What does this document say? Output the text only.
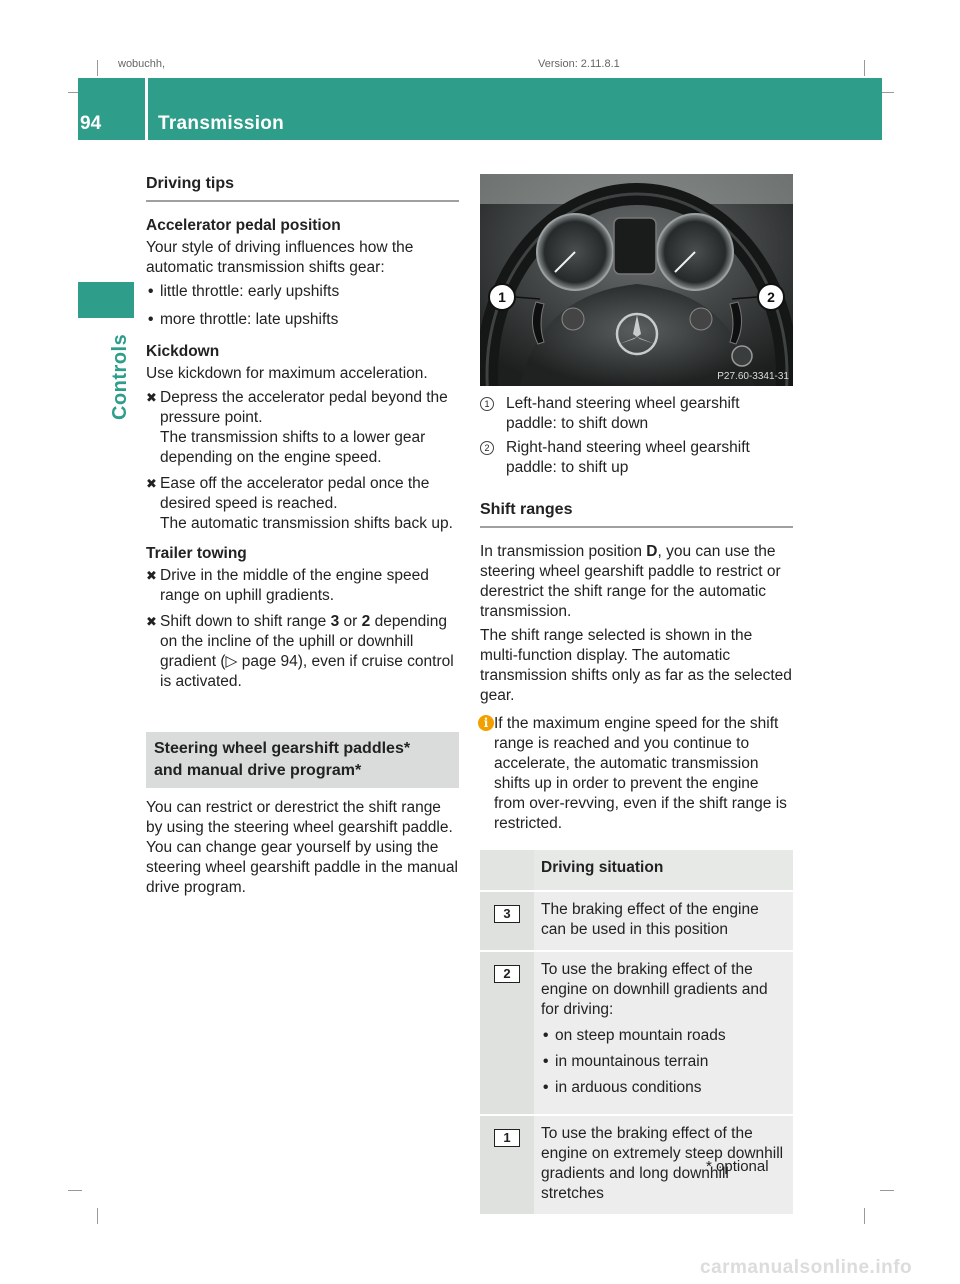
wobuchh,	Version: 2.11.8.1
94	Transmission
Controls
Driving tips
Accelerator pedal position

Your style of driving influences how the automatic transmission shifts gear:

• little throttle: early upshifts
• more throttle: late upshifts
Kickdown

Use kickdown for maximum acceleration.

✖ Depress the accelerator pedal beyond the pressure point.
The transmission shifts to a lower gear depending on the engine speed.
✖ Ease off the accelerator pedal once the desired speed is reached.
The automatic transmission shifts back up.
Trailer towing
✖ Drive in the middle of the engine speed range on uphill gradients.
✖ Shift down to shift range 3 or 2 depending on the incline of the uphill or downhill gradient (▷ page 94), even if cruise control is activated.
Steering wheel gearshift paddles*
and manual drive program*

You can restrict or derestrict the shift range by using the steering wheel gearshift paddle. You can change gear yourself by using the steering wheel gearshift paddle in the manual drive program.

1	2
P27.60-3341-31
1 Left-hand steering wheel gearshift paddle: to shift down
2 Right-hand steering wheel gearshift paddle: to shift up
Shift ranges

In transmission position D, you can use the steering wheel gearshift paddle to restrict or derestrict the shift range for the automatic transmission.

The shift range selected is shown in the multi-function display. The automatic transmission shifts only as far as the selected gear.

i If the maximum engine speed for the shift range is reached and you continue to accelerate, the automatic transmission shifts up in order to prevent the engine from over-revving, even if the shift range is restricted.
	Driving situation
3	The braking effect of the engine can be used in this position

2	To use the braking effect of the engine on downhill gradients and for driving:
• on steep mountain roads
• in mountainous terrain
• in arduous conditions

1	To use the braking effect of the engine on extremely steep downhill gradients and long downhill stretches
* optional
carmanualsonline.info
